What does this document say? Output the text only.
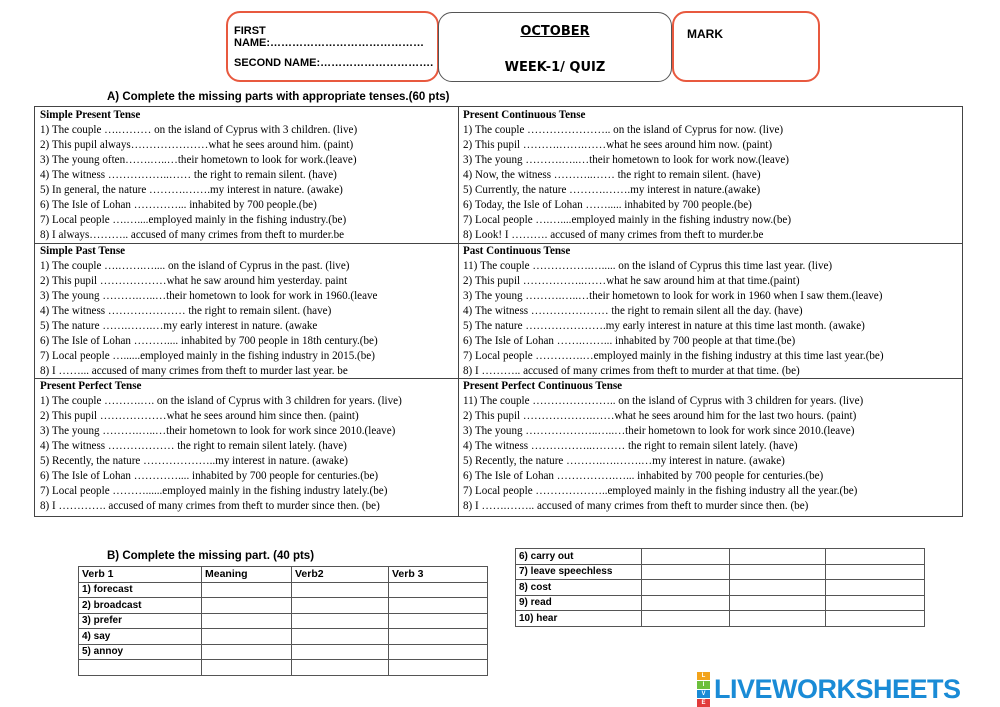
FIRST NAME:……………………………………
SECOND NAME:………………………….
OCTOBER
WEEK-1/ QUIZ
MARK
A) Complete the missing parts with appropriate tenses.(60 pts)
Simple Present Tense
1) The couple ….……… on the island of Cyprus with 3 children. (live)
2) This pupil always…………………what he sees around him. (paint)
3) The young often…….…..…their hometown to look for work.(leave)
4) The witness ……………..…… the right to remain silent. (have)
5) In general, the nature ……….…….my interest in nature. (awake)
6) The Isle of Lohan …………... inhabited by 700 people.(be)
7) Local people ….…....employed mainly in the fishing industry.(be)
8) I always……….. accused of many crimes from theft to murder.be
Present Continuous Tense
1) The couple ………………….. on the island of Cyprus for now. (live)
2) This pupil ……….…….……what he sees around him now. (paint)
3) The young ……….…..…their hometown to look for work now.(leave)
4) Now, the witness ………..…… the right to remain silent. (have)
5) Currently, the nature ……….…….my interest in nature.(awake)
6) Today, the Isle of Lohan ……..... inhabited by 700 people.(be)
7) Local people ….…....employed mainly in the fishing industry now.(be)
8) Look! I ………. accused of many crimes from theft to murder.be
Simple Past Tense
1) The couple ….…….….... on the island of Cyprus in the past. (live)
2) This pupil ………………what he saw around him yesterday. paint
3) The young ……….…..…their hometown to look for work in 1960.(leave
4) The witness ………………… the right to remain silent. (have)
5) The nature …….…….…my early interest in nature. (awake
6) The Isle of Lohan ……….... inhabited by 700 people in 18th century.(be)
7) Local people …......employed mainly in the fishing industry in 2015.(be)
8) I ……... accused of many crimes from theft to murder last year. be
Past Continuous Tense
11) The couple …………….…..... on the island of Cyprus this time last year. (live)
2) This pupil ……………..……what he saw around him at that time.(paint)
3) The young ……….…..…their hometown to look for work in 1960 when I saw them.(leave)
4) The witness ………………… the right to remain silent all the day. (have)
5) The nature ………………….my early interest in nature at this time last month. (awake)
6) The Isle of Lohan …….……... inhabited by 700 people at that time.(be)
7) Local people ………….…employed mainly in the fishing industry at this time last year.(be)
8) I ……….. accused of many crimes from theft to murder at that time. (be)
Present Perfect Tense
1) The couple ……….…. on the island of Cyprus with 3 children for years. (live)
2) This pupil ………………what he sees around him since then. (paint)
3) The young ……….…..…their hometown to look for work since 2010.(leave)
4) The witness ……………… the right to remain silent lately. (have)
5) Recently, the nature ………………..my interest in nature. (awake)
6) The Isle of Lohan ………….... inhabited by 700 people for centuries.(be)
7) Local people ………......employed mainly in the fishing industry lately.(be)
8) I …………. accused of many crimes from theft to murder since then. (be)
Present Perfect Continuous Tense
11) The couple ………………….. on the island of Cyprus with 3 children for years. (live)
2) This pupil ……………….……what he sees around him for the last two hours. (paint)
3) The young ………………..…..…their hometown to look for work since 2010.(leave)
4) The witness ……………..……… the right to remain silent lately. (have)
5) Recently, the nature ……….….…….…my interest in nature. (awake)
6) The Isle of Lohan …………….…... inhabited by 700 people for centuries.(be)
7) Local people ………………..employed mainly in the fishing industry all the year.(be)
8) I …….…….. accused of many crimes from theft to murder since then. (be)
B) Complete the missing part. (40 pts)
Verb 1	Meaning	Verb2	Verb 3
1) forecast			
2) broadcast			
3) prefer			
4) say			
5) annoy			

6) carry out			
7) leave speechless			
8) cost			
9) read			
10) hear			
L
I
V
E LIVEWORKSHEETS
